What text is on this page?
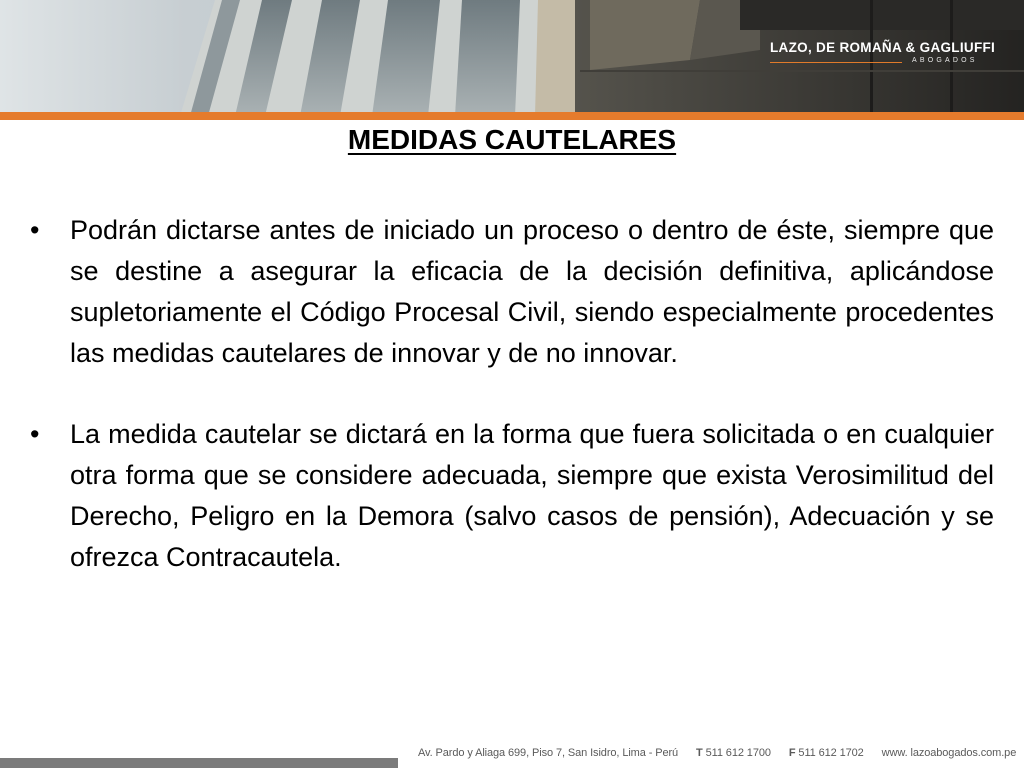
LAZO, DE ROMAÑA & GAGLIUFFI
ABOGADOS
MEDIDAS CAUTELARES
• Podrán dictarse antes de iniciado un proceso o dentro de éste, siempre que se destine a asegurar la eficacia de la decisión definitiva, aplicándose supletoriamente el Código Procesal Civil, siendo especialmente procedentes las medidas cautelares de innovar y de no innovar.
• La medida cautelar se dictará en la forma que fuera solicitada o en cualquier otra forma que se considere adecuada, siempre que exista Verosimilitud del Derecho, Peligro en la Demora (salvo casos de pensión), Adecuación y se ofrezca Contracautela.
Av. Pardo y Aliaga 699, Piso 7, San Isidro, Lima - Perú T 511 612 1700 F 511 612 1702 www. lazoabogados.com.pe
